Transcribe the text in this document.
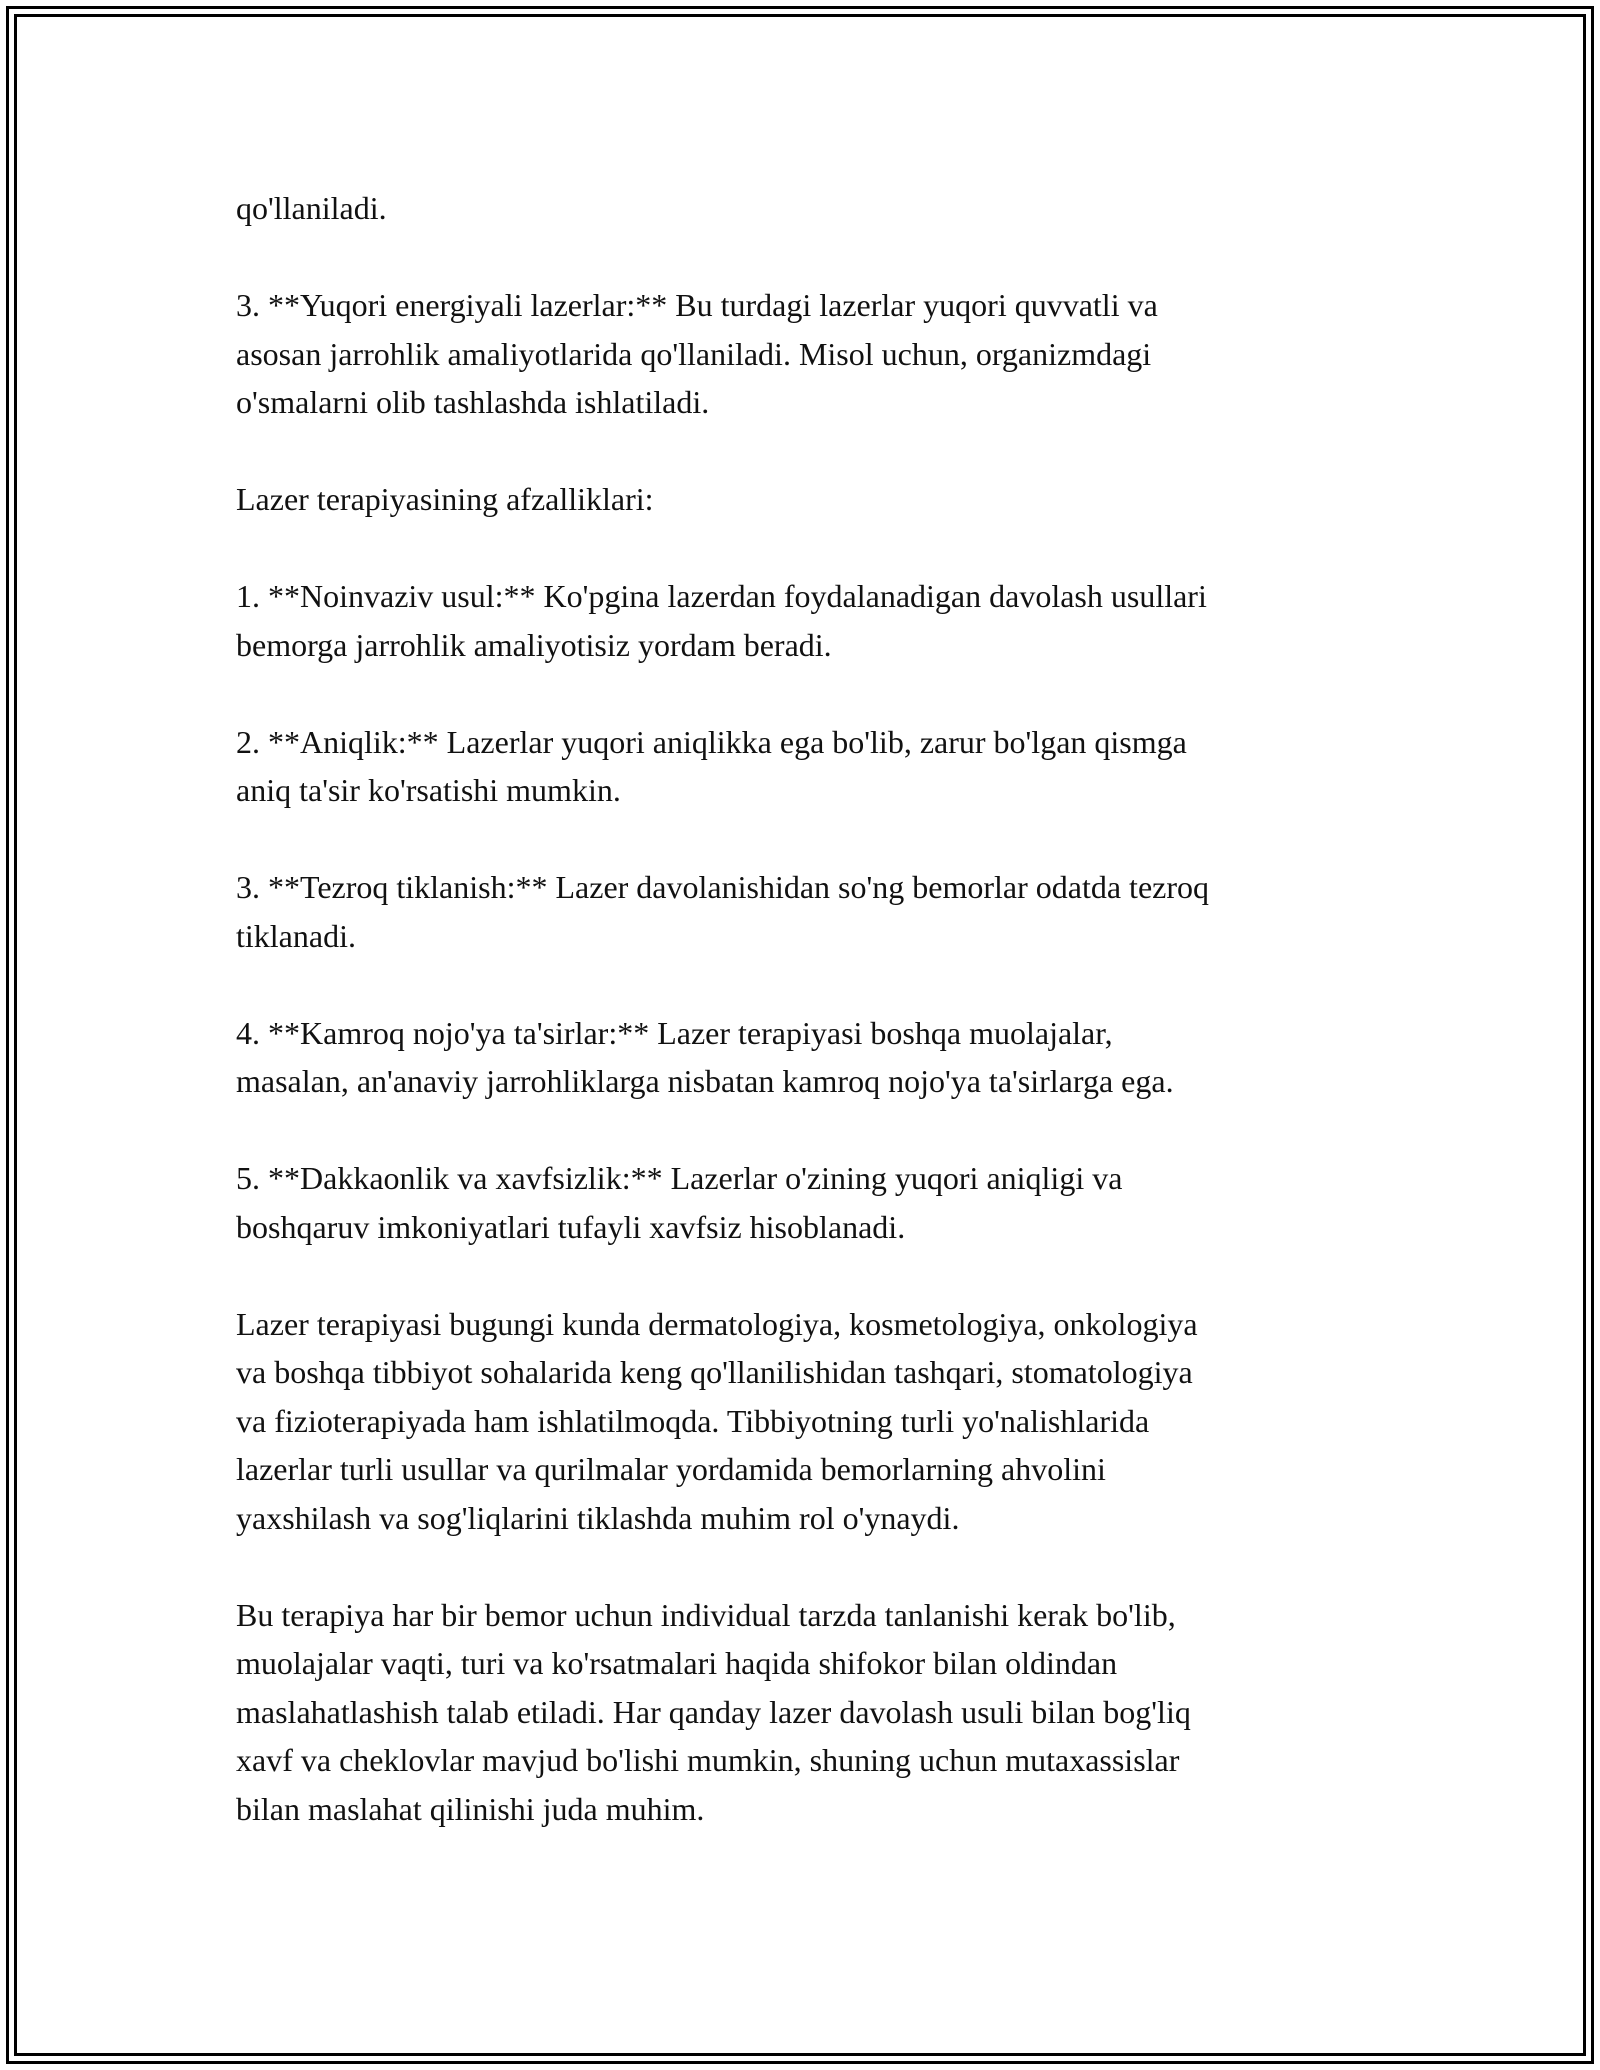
qo'llaniladi.

3. **Yuqori energiyali lazerlar:** Bu turdagi lazerlar yuqori quvvatli va
asosan jarrohlik amaliyotlarida qo'llaniladi. Misol uchun, organizmdagi
o'smalarni olib tashlashda ishlatiladi.

Lazer terapiyasining afzalliklari:

1. **Noinvaziv usul:** Ko'pgina lazerdan foydalanadigan davolash usullari
bemorga jarrohlik amaliyotisiz yordam beradi.

2. **Aniqlik:** Lazerlar yuqori aniqlikka ega bo'lib, zarur bo'lgan qismga
aniq ta'sir ko'rsatishi mumkin.

3. **Tezroq tiklanish:** Lazer davolanishidan so'ng bemorlar odatda tezroq
tiklanadi.

4. **Kamroq nojo'ya ta'sirlar:** Lazer terapiyasi boshqa muolajalar,
masalan, an'anaviy jarrohliklarga nisbatan kamroq nojo'ya ta'sirlarga ega.

5. **Dakkaonlik va xavfsizlik:** Lazerlar o'zining yuqori aniqligi va
boshqaruv imkoniyatlari tufayli xavfsiz hisoblanadi.

Lazer terapiyasi bugungi kunda dermatologiya, kosmetologiya, onkologiya
va boshqa tibbiyot sohalarida keng qo'llanilishidan tashqari, stomatologiya
va fizioterapiyada ham ishlatilmoqda. Tibbiyotning turli yo'nalishlarida
lazerlar turli usullar va qurilmalar yordamida bemorlarning ahvolini
yaxshilash va sog'liqlarini tiklashda muhim rol o'ynaydi.

Bu terapiya har bir bemor uchun individual tarzda tanlanishi kerak bo'lib,
muolajalar vaqti, turi va ko'rsatmalari haqida shifokor bilan oldindan
maslahatlashish talab etiladi. Har qanday lazer davolash usuli bilan bog'liq
xavf va cheklovlar mavjud bo'lishi mumkin, shuning uchun mutaxassislar
bilan maslahat qilinishi juda muhim.
